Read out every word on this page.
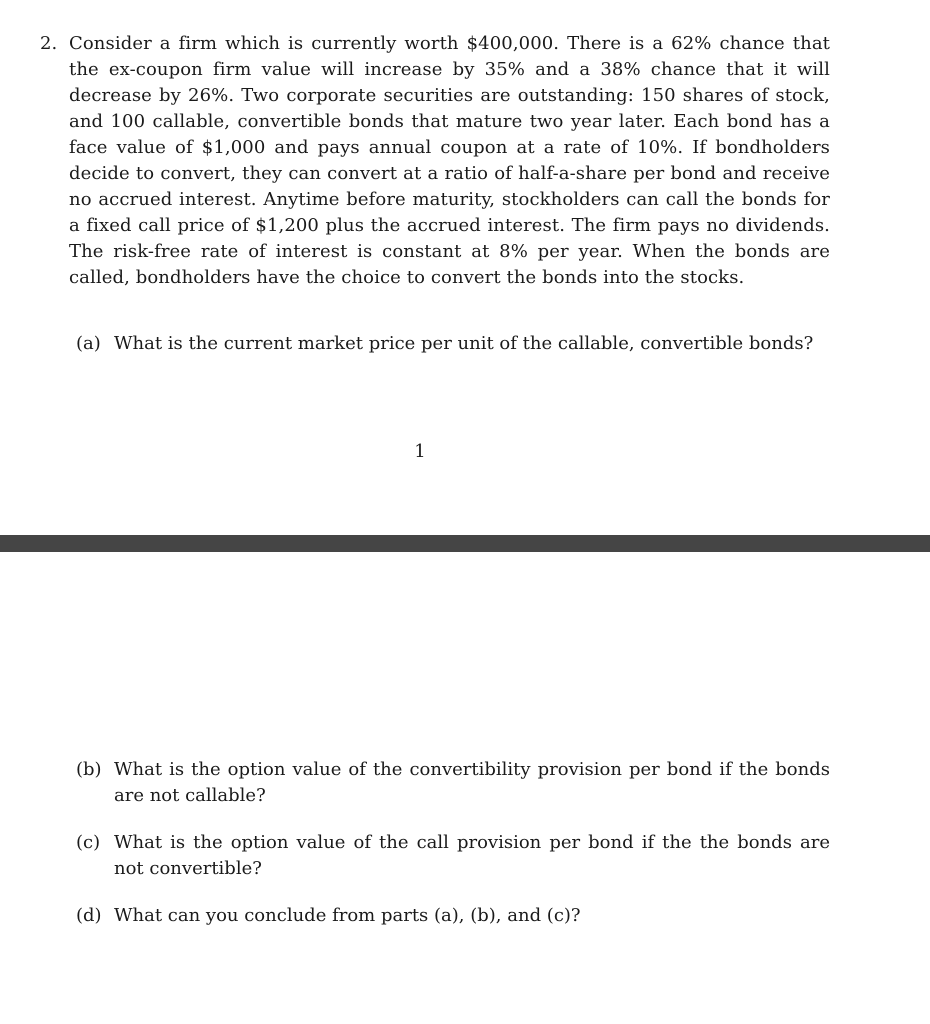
2. Consider a firm which is currently worth $400,000. There is a 62% chance that the ex-coupon firm value will increase by 35% and a 38% chance that it will decrease by 26%. Two corporate securities are outstanding: 150 shares of stock, and 100 callable, convertible bonds that mature two year later. Each bond has a face value of $1,000 and pays annual coupon at a rate of 10%. If bondholders decide to convert, they can convert at a ratio of half-a-share per bond and receive no accrued interest. Anytime before maturity, stockholders can call the bonds for a fixed call price of $1,200 plus the accrued interest. The firm pays no dividends. The risk-free rate of interest is constant at 8% per year. When the bonds are called, bondholders have the choice to convert the bonds into the stocks.
(a) What is the current market price per unit of the callable, convertible bonds?
1
(b) What is the option value of the convertibility provision per bond if the bonds are not callable?
(c) What is the option value of the call provision per bond if the the bonds are not convertible?
(d) What can you conclude from parts (a), (b), and (c)?
